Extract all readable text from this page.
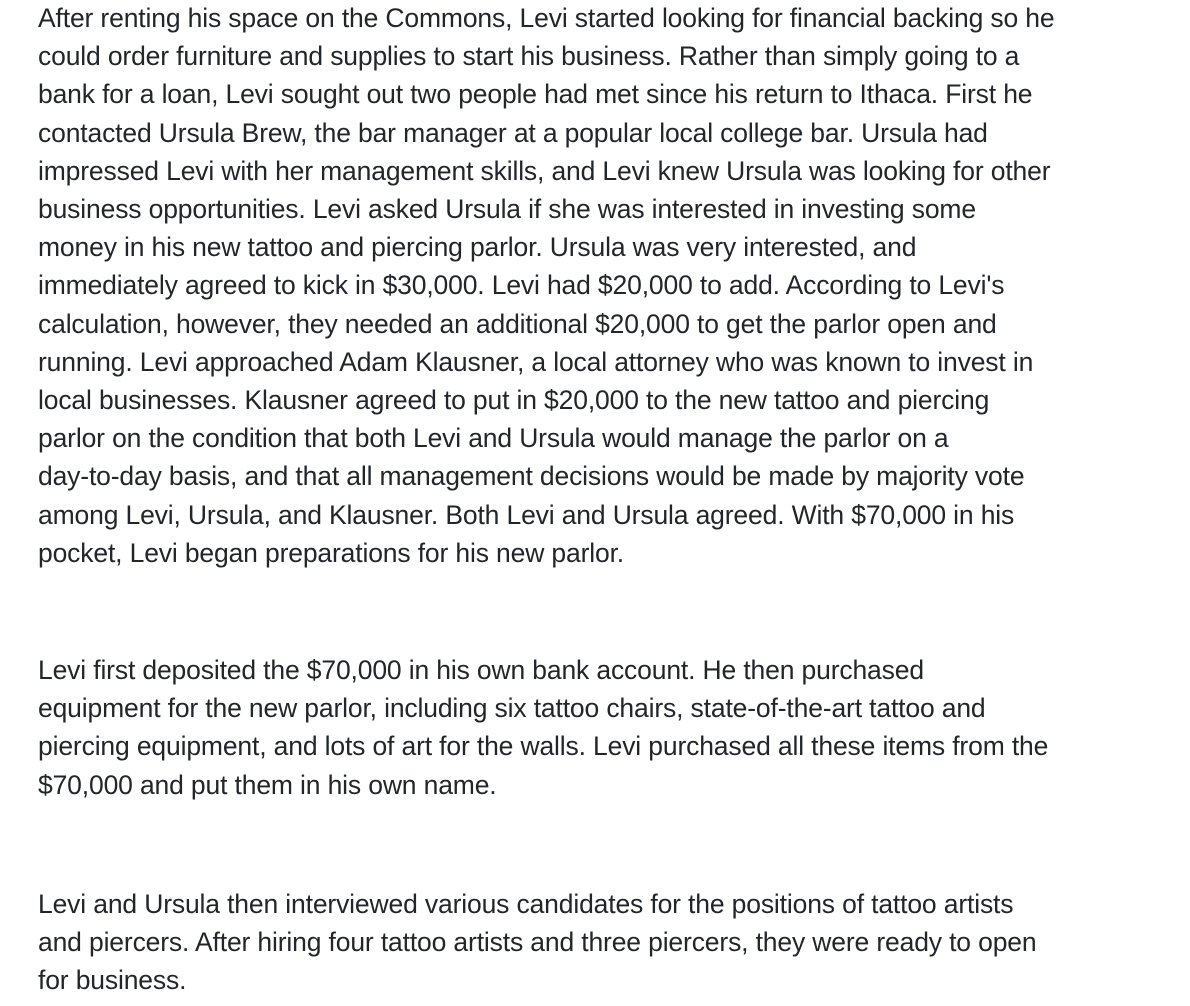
After renting his space on the Commons, Levi started looking for financial backing so he
could order furniture and supplies to start his business. Rather than simply going to a
bank for a loan, Levi sought out two people had met since his return to Ithaca. First he
contacted Ursula Brew, the bar manager at a popular local college bar. Ursula had
impressed Levi with her management skills, and Levi knew Ursula was looking for other
business opportunities. Levi asked Ursula if she was interested in investing some
money in his new tattoo and piercing parlor. Ursula was very interested, and
immediately agreed to kick in $30,000. Levi had $20,000 to add. According to Levi's
calculation, however, they needed an additional $20,000 to get the parlor open and
running. Levi approached Adam Klausner, a local attorney who was known to invest in
local businesses. Klausner agreed to put in $20,000 to the new tattoo and piercing
parlor on the condition that both Levi and Ursula would manage the parlor on a
day-to-day basis, and that all management decisions would be made by majority vote
among Levi, Ursula, and Klausner. Both Levi and Ursula agreed. With $70,000 in his
pocket, Levi began preparations for his new parlor.

Levi first deposited the $70,000 in his own bank account. He then purchased
equipment for the new parlor, including six tattoo chairs, state-of-the-art tattoo and
piercing equipment, and lots of art for the walls. Levi purchased all these items from the
$70,000 and put them in his own name.

Levi and Ursula then interviewed various candidates for the positions of tattoo artists
and piercers. After hiring four tattoo artists and three piercers, they were ready to open
for business.
